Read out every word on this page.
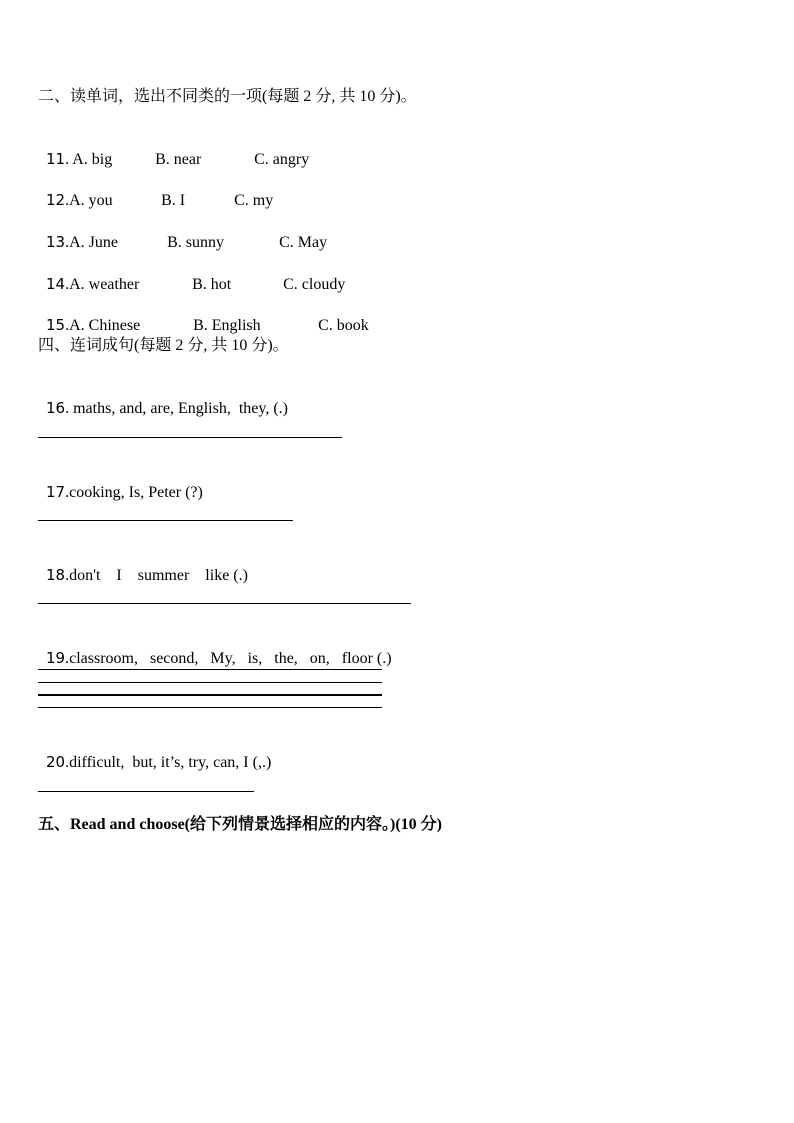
二、读单词，选出不同类的一项(每题 2 分, 共 10 分)。

11. A. big	B. near	C. angry

12.A. you	B. I	C. my

13.A. June	B. sunny	C. May

14.A. weather	B. hot	C. cloudy

15.A. Chinese	B. English	C. book

四、连词成句(每题 2 分, 共 10 分)。

16. maths, and, are, English,  they, (.)

17.cooking, Is, Peter (?)

18.don't    I    summer    like (.)

19.classroom,   second,   My,   is,   the,   on,   floor (.)

20.difficult,  but, it’s, try, can, I (,.)

五、Read and choose(给下列情景选择相应的内容。)(10 分)
